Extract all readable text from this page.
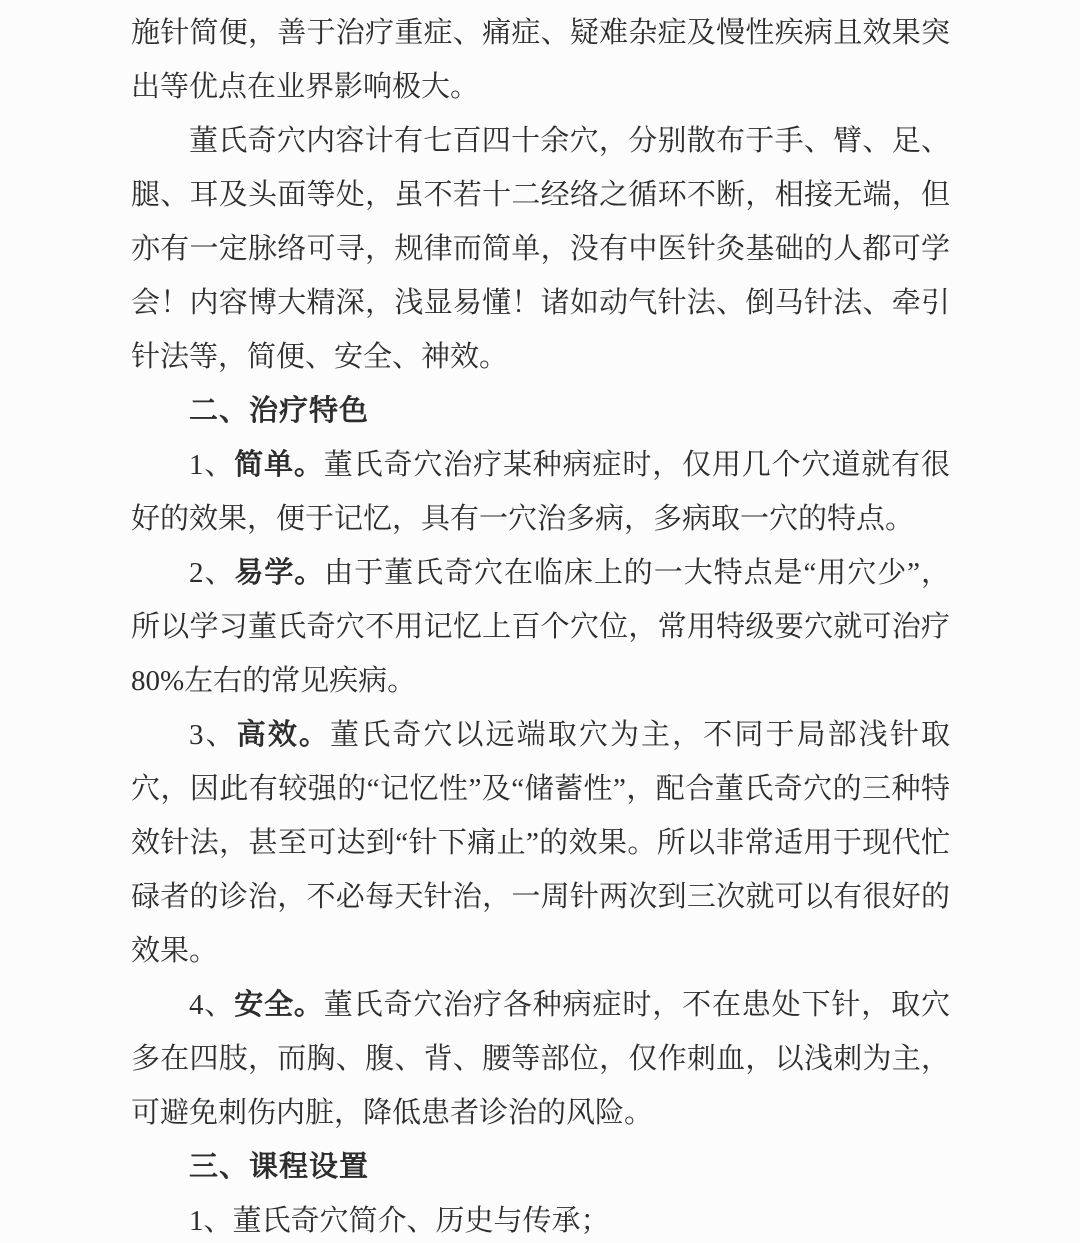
施针简便，善于治疗重症、痛症、疑难杂症及慢性疾病且效果突出等优点在业界影响极大。

董氏奇穴内容计有七百四十余穴，分别散布于手、臂、足、腿、耳及头面等处，虽不若十二经络之循环不断，相接无端，但亦有一定脉络可寻，规律而简单，没有中医针灸基础的人都可学会！内容博大精深，浅显易懂！诸如动气针法、倒马针法、牵引针法等，简便、安全、神效。

二、治疗特色

1、简单。董氏奇穴治疗某种病症时，仅用几个穴道就有很好的效果，便于记忆，具有一穴治多病，多病取一穴的特点。

2、易学。由于董氏奇穴在临床上的一大特点是“用穴少”，所以学习董氏奇穴不用记忆上百个穴位，常用特级要穴就可治疗80%左右的常见疾病。

3、高效。董氏奇穴以远端取穴为主，不同于局部浅针取穴，因此有较强的“记忆性”及“储蓄性”，配合董氏奇穴的三种特效针法，甚至可达到“针下痛止”的效果。所以非常适用于现代忙碌者的诊治，不必每天针治，一周针两次到三次就可以有很好的效果。

4、安全。董氏奇穴治疗各种病症时，不在患处下针，取穴多在四肢，而胸、腹、背、腰等部位，仅作刺血，以浅刺为主，可避免刺伤内脏，降低患者诊治的风险。

三、课程设置

1、董氏奇穴简介、历史与传承；
